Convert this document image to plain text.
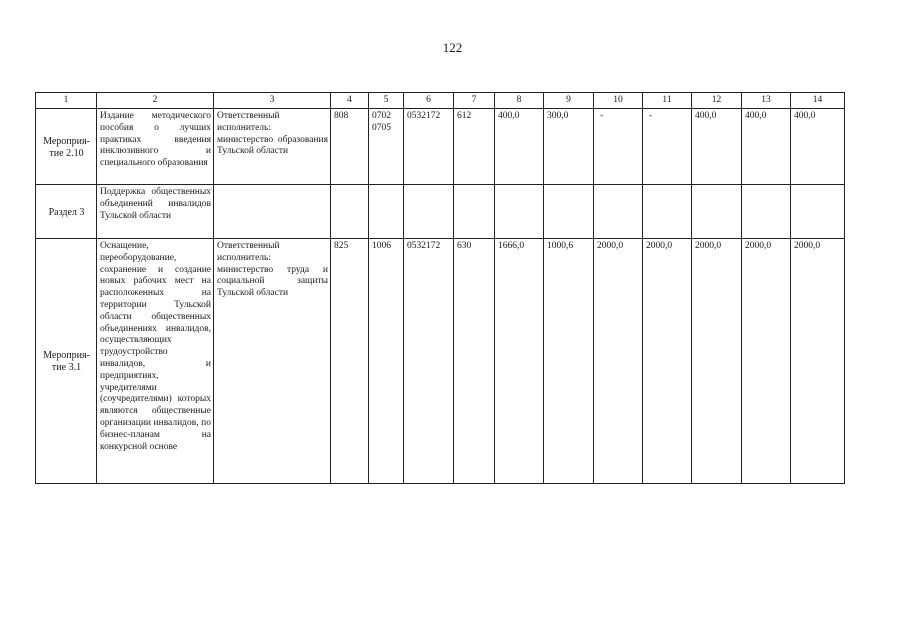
122
1	2	3	4	5	6	7	8	9	10	11	12	13	14
Мероприя-тие 2.10	Издание методического пособия о лучших практиках введения инклюзивного и специального образования	Ответственный исполнитель: министерство образования Тульской области	808	0702 0705	0532172	612	400,0	300,0	-	-	400,0	400,0	400,0
Раздел 3	Поддержка общественных объединений инвалидов Тульской области												
Мероприя-тие 3.1	Оснащение, переоборудование, сохранение и создание новых рабочих мест на расположенных на территории Тульской области общественных объединениях инвалидов, осуществляющих трудоустройство инвалидов, и предприятиях, учредителями (соучредителями) которых являются общественные организации инвалидов, по бизнес-планам на конкурсной основе	Ответственный исполнитель: министерство труда и социальной защиты Тульской области	825	1006	0532172	630	1666,0	1000,6	2000,0	2000,0	2000,0	2000,0	2000,0
